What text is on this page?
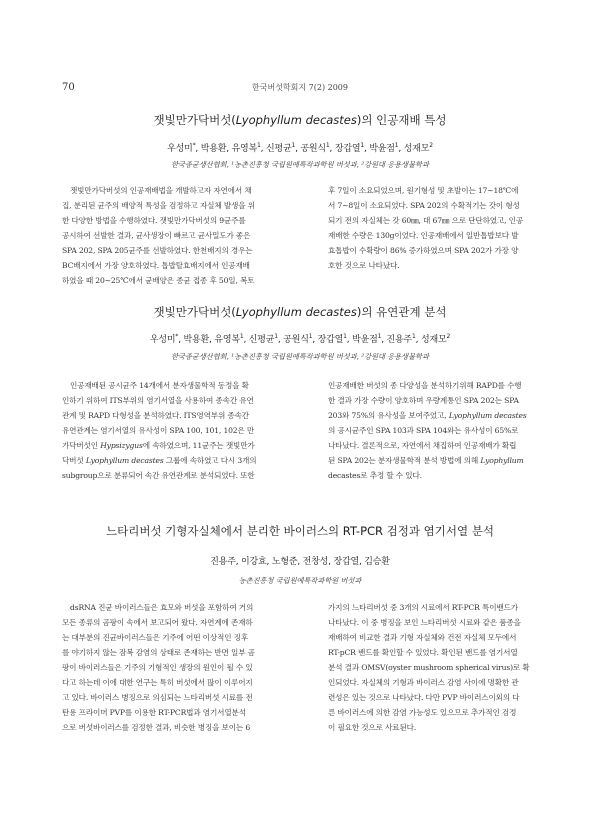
70	한국버섯학회지 7(2) 2009
잿빛만가닥버섯(Lyophyllum decastes)의 인공재배 특성
우성미*, 박용환, 유영복$^1$, 신평균$^1$, 공원식$^1$, 장갑열$^1$, 박윤점$^1$, 성재모$^2$
한국종균생산협회, ¹농촌진흥청 국립원예특작과학원 버섯과, ²강원대 응용생물학과
잿빛만가닥버섯의 인공재배법을 개발하고자 자연에서 채
집, 분리된 균주의 배양적 특성을 검정하고 자실체 발생을 위
한 다양한 방법을 수행하였다. 잿빛만가닥버섯의 9균주를
공시하여 선발한 결과, 균사생장이 빠르고 균사밀도가 좋은
SPA 202, SPA 205균주를 선발하였다. 한천배지의 경우는
BC배지에서 가장 양호하였다. 톱밥탈효배지에서 인공재배
하였을 때 20∼25℃에서 균배양은 종균 접종 후 50일, 복토
후 7일이 소요되었으며, 원기형성 및 초발이는 17∼18℃에
서 7∼8일이 소요되었다. SPA 202의 수확적기는 갓이 형성
되기 전의 자실체는 갓 60㎜, 대 67㎜ 으로 단단하였고, 인공
재배한 수량은 130g이었다. 인공재배에서 일반톱밥보다 발
효톱밥이 수확량이 86% 증가하였으며 SPA 202가 가장 양
호한 것으로 나타났다.
잿빛만가닥버섯(Lyophyllum decastes)의 유연관계 분석
우성미*, 박용환, 유영복$^1$, 신평균$^1$, 공원식$^1$, 장갑열$^1$, 박윤점$^1$, 진용주$^1$, 성재모$^2$
한국종균생산협회, ¹농촌진흥청 국립원예특작과학원 버섯과, ²강원대 응용생물학과
인공재배된 공시균주 14개에서 분자생물학적 동정을 확
인하기 위하여 ITS부위의 염기서열을 사용하여 종속간 유연
관계 및 RAPD 다형성을 분석하였다. ITS영역부위 종속간
유연관계는 염기서열의 유사성이 SPA 100, 101, 102은 만
가닥버섯인 Hypsizygus에 속하였으며, 11균주는 잿빛만가
닥버섯 Lyophyllum decastes 그룹에 속하였고 다시 3개의
subgroup으로 분류되어 속간 유연관계로 분석되었다. 또한
인공재배한 버섯의 종 다양성을 분석하기위해 RAPD를 수행
한 결과 가장 수량이 양호하며 우량계통인 SPA 202는 SPA
203와 75%의 유사성을 보여주었고, Lyophyllum decastes
의 공시균주인 SPA 103과 SPA 104와는 유사성이 65%로
나타났다. 결론적으로, 자연에서 채집하여 인공재배가 확립
된 SPA 202는 분자생물학적 분석 방법에 의해 Lyophyllum
decastes로 추정 할 수 있다.
느타리버섯 기형자실체에서 분리한 바이러스의 RT-PCR 검정과 염기서열 분석
진용주, 이강효, 노형준, 전창성, 장갑열, 김승환
농촌진흥청 국립원예특작과학원 버섯과
dsRNA 진균 바이러스들은 효모와 버섯을 포함하여 거의
모든 종류의 곰팡이 속에서 보고되어 왔다. 자연계에 존재하
는 대부분의 진균바이러스들은 기주에 어떤 이상적인 징후
를 야기하지 않는 잠복 감염의 상태로 존재하는 반면 일부 곰
팡이 바이러스들은 기주의 기형적인 생장의 원인이 될 수 있
다고 하는데 이에 대한 연구는 특히 버섯에서 많이 이루어지
고 있다. 바이러스 병징으로 의심되는 느타리버섯 시료를 전
탄용 프라이머 PVP를 이용한 RT-PCR법과 염기서열분석
으로 버섯바이러스를 검정한 결과, 비슷한 병징을 보이는 6
가지의 느타리버섯 중 3개의 시료에서 RT-PCR 특이밴드가
나타났다. 이 중 병징을 보인 느타리버섯 시료와 같은 품종을
재배하여 비교한 결과 기형 자실체와 건전 자실체 모두에서
RT-pCR 밴드를 확인할 수 있었다. 확인된 밴드를 염기서열
분석 결과 OMSV(oyster mushroom spherical virus)로 확
인되었다. 자실체의 기형과 바이러스 감염 사이에 명확한 관
련성은 있는 것으로 나타났다. 다만 PVP 바이러스이외의 다
른 바이러스에 의한 감염 가능성도 있으므로 추가적인 검정
이 필요한 것으로 사료된다.
